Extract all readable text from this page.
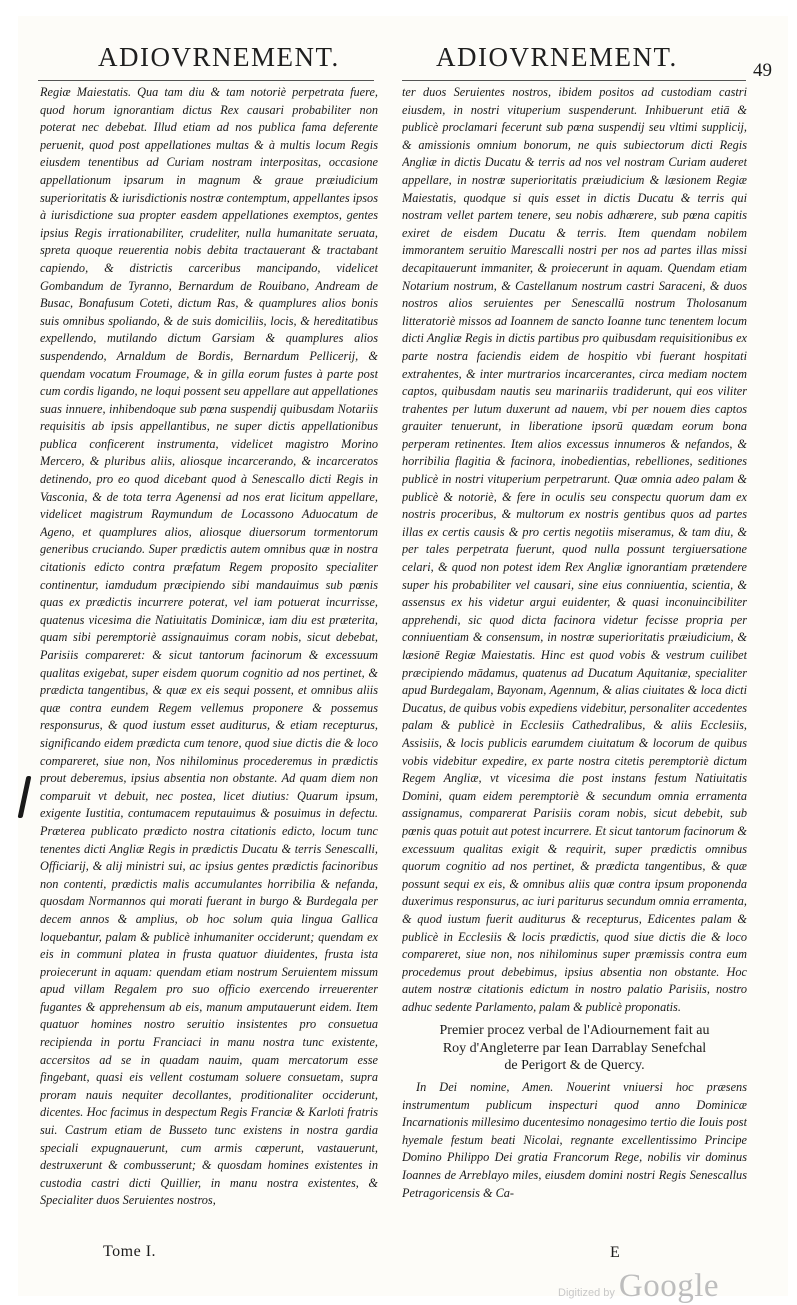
ADIOVRNEMENT.	ADIOVRNEMENT.	49

Regiæ Maiestatis. Qua tam diu & tam notoriè perpetrata fuere, quod horum ignorantiam dictus Rex causari probabiliter non poterat nec debebat. Illud etiam ad nos publica fama deferente peruenit, quod post appellationes multas & à multis locum Regis eiusdem tenentibus ad Curiam nostram interpositas, occasione appellationum ipsarum in magnum & graue præiudicium superioritatis & iurisdictionis nostræ contemptum, appellantes ipsos à iurisdictione sua propter easdem appellationes exemptos, gentes ipsius Regis irrationabiliter, crudeliter, nulla humanitate seruata, spreta quoque reuerentia nobis debita tractauerant & tractabant capiendo, & districtis carceribus mancipando, videlicet Gombandum de Tyranno, Bernardum de Rouibano, Andream de Busac, Bonafusum Coteti, dictum Ras, & quamplures alios bonis suis omnibus spoliando, & de suis domiciliis, locis, & hereditatibus expellendo, mutilando dictum Garsiam & quamplures alios suspendendo, Arnaldum de Bordis, Bernardum Pellicerij, & quendam vocatum Froumage, & in gilla eorum fustes à parte post cum cordis ligando, ne loqui possent seu appellare aut appellationes suas innuere, inhibendoque sub pœna suspendij quibusdam Notariis requisitis ab ipsis appellantibus, ne super dictis appellationibus publica conficerent instrumenta, videlicet magistro Morino Mercero, & pluribus aliis, aliosque incarcerando, & incarceratos detinendo, pro eo quod dicebant quod à Senescallo dicti Regis in Vasconia, & de tota terra Agenensi ad nos erat licitum appellare, videlicet magistrum Raymundum de Locassono Aduocatum de Ageno, et quamplures alios, aliosque diuersorum tormentorum generibus cruciando. Super prædictis autem omnibus quæ in nostra citationis edicto contra præfatum Regem proposito specialiter continentur, iamdudum præcipiendo sibi mandauimus sub pœnis quas ex prædictis incurrere poterat, vel iam potuerat incurrisse, quatenus vicesima die Natiuitatis Dominicæ, iam diu est præterita, quam sibi peremptoriè assignauimus coram nobis, sicut debebat, Parisiis compareret: & sicut tantorum facinorum & excessuum qualitas exigebat, super eisdem quorum cognitio ad nos pertinet, & prædicta tangentibus, & quæ ex eis sequi possent, et omnibus aliis quæ contra eundem Regem vellemus proponere & possemus responsurus, & quod iustum esset auditurus, & etiam recepturus, significando eidem prædicta cum tenore, quod siue dictis die & loco compareret, siue non, Nos nihilominus procederemus in prædictis prout deberemus, ipsius absentia non obstante. Ad quam diem non comparuit vt debuit, nec postea, licet diutius: Quarum ipsum, exigente Iustitia, contumacem reputauimus & posuimus in defectu. Præterea publicato prædicto nostra citationis edicto, locum tunc tenentes dicti Angliæ Regis in prædictis Ducatu & terris Senescalli, Officiarij, & alij ministri sui, ac ipsius gentes prædictis facinoribus non contenti, prædictis malis accumulantes horribilia & nefanda, quosdam Normannos qui morati fuerant in burgo & Burdegala per decem annos & amplius, ob hoc solum quia lingua Gallica loquebantur, palam & publicè inhumaniter occiderunt; quendam ex eis in communi platea in frusta quatuor diuidentes, frusta ista proiecerunt in aquam: quendam etiam nostrum Seruientem missum apud villam Regalem pro suo officio exercendo irreuerenter fugantes & apprehensum ab eis, manum amputauerunt eidem. Item quatuor homines nostro seruitio insistentes pro consuetua recipienda in portu Franciaci in manu nostra tunc existente, accersitos ad se in quadam nauim, quam mercatorum esse fingebant, quasi eis vellent costumam soluere consuetam, supra proram nauis nequiter decollantes, proditionaliter occiderunt, dicentes. Hoc facimus in despectum Regis Franciæ & Karloti fratris sui. Castrum etiam de Busseto tunc existens in nostra gardia speciali expugnauerunt, cum armis cœperunt, vastauerunt, destruxerunt & combusserunt; & quosdam homines existentes in custodia castri dicti Quillier, in manu nostra existentes, & Specialiter duos Seruientes nostros,

ter duos Seruientes nostros, ibidem positos ad custodiam castri eiusdem, in nostri vituperium suspenderunt. Inhibuerunt etiā & publicè proclamari fecerunt sub pœna suspendij seu vltimi supplicij, & amissionis omnium bonorum, ne quis subiectorum dicti Regis Angliæ in dictis Ducatu & terris ad nos vel nostram Curiam auderet appellare, in nostræ superioritatis præiudicium & læsionem Regiæ Maiestatis, quodque si quis esset in dictis Ducatu & terris qui nostram vellet partem tenere, seu nobis adhærere, sub pœna capitis exiret de eisdem Ducatu & terris. Item quendam nobilem immorantem seruitio Marescalli nostri per nos ad partes illas missi decapitauerunt immaniter, & proiecerunt in aquam. Quendam etiam Notarium nostrum, & Castellanum nostrum castri Saraceni, & duos nostros alios seruientes per Senescallū nostrum Tholosanum litteratoriè missos ad Ioannem de sancto Ioanne tunc tenentem locum dicti Angliæ Regis in dictis partibus pro quibusdam requisitionibus ex parte nostra faciendis eidem de hospitio vbi fuerant hospitati extrahentes, & inter murtrarios incarcerantes, circa mediam noctem captos, quibusdam nautis seu marinariis tradiderunt, qui eos viliter trahentes per lutum duxerunt ad nauem, vbi per nouem dies captos grauiter tenuerunt, in liberatione ipsorū quædam eorum bona perperam retinentes. Item alios excessus innumeros & nefandos, & horribilia flagitia & facinora, inobedientias, rebelliones, seditiones publicè in nostri vituperium perpetrarunt. Quæ omnia adeo palam & publicè & notoriè, & fere in oculis seu conspectu quorum dam ex nostris proceribus, & multorum ex nostris gentibus quos ad partes illas ex certis causis & pro certis negotiis miseramus, & tam diu, & per tales perpetrata fuerunt, quod nulla possunt tergiuersatione celari, & quod non potest idem Rex Angliæ ignorantiam prætendere super his probabiliter vel causari, sine eius conniuentia, scientia, & assensus ex his videtur argui euidenter, & quasi inconuincibiliter apprehendi, sic quod dicta facinora videtur fecisse propria per conniuentiam & consensum, in nostræ superioritatis præiudicium, & læsionē Regiæ Maiestatis. Hinc est quod vobis & vestrum cuilibet præcipiendo mādamus, quatenus ad Ducatum Aquitaniæ, specialiter apud Burdegalam, Bayonam, Agennum, & alias ciuitates & loca dicti Ducatus, de quibus vobis expediens videbitur, personaliter accedentes palam & publicè in Ecclesiis Cathedralibus, & aliis Ecclesiis, Assisiis, & locis publicis earumdem ciuitatum & locorum de quibus vobis videbitur expedire, ex parte nostra citetis peremptoriè dictum Regem Angliæ, vt vicesima die post instans festum Natiuitatis Domini, quam eidem peremptoriè & secundum omnia erramenta assignamus, comparerat Parisiis coram nobis, sicut debebit, sub pœnis quas potuit aut potest incurrere. Et sicut tantorum facinorum & excessuum qualitas exigit & requirit, super prædictis omnibus quorum cognitio ad nos pertinet, & prædicta tangentibus, & quæ possunt sequi ex eis, & omnibus aliis quæ contra ipsum proponenda duxerimus responsurus, ac iuri pariturus secundum omnia erramenta, & quod iustum fuerit auditurus & recepturus, Edicentes palam & publicè in Ecclesiis & locis prædictis, quod siue dictis die & loco compareret, siue non, nos nihilominus super præmissis contra eum procedemus prout debebimus, ipsius absentia non obstante. Hoc autem nostræ citationis edictum in nostro palatio Parisiis, nostro adhuc sedente Parlamento, palam & publicè proponatis.

Premier procez verbal de l'Adiournement fait au
Roy d'Angleterre par Iean Darrablay Senefchal
de Perigort & de Quercy.

In Dei nomine, Amen. Nouerint vniuersi hoc præsens instrumentum publicum inspecturi quod anno Dominicæ Incarnationis millesimo ducentesimo nonagesimo tertio die Iouis post hyemale festum beati Nicolai, regnante excellentissimo Principe Domino Philippo Dei gratia Francorum Rege, nobilis vir dominus Ioannes de Arreblayo miles, eiusdem domini nostri Regis Senescallus Petragoricensis & Ca-

Tome I.	E
Digitized by Google
